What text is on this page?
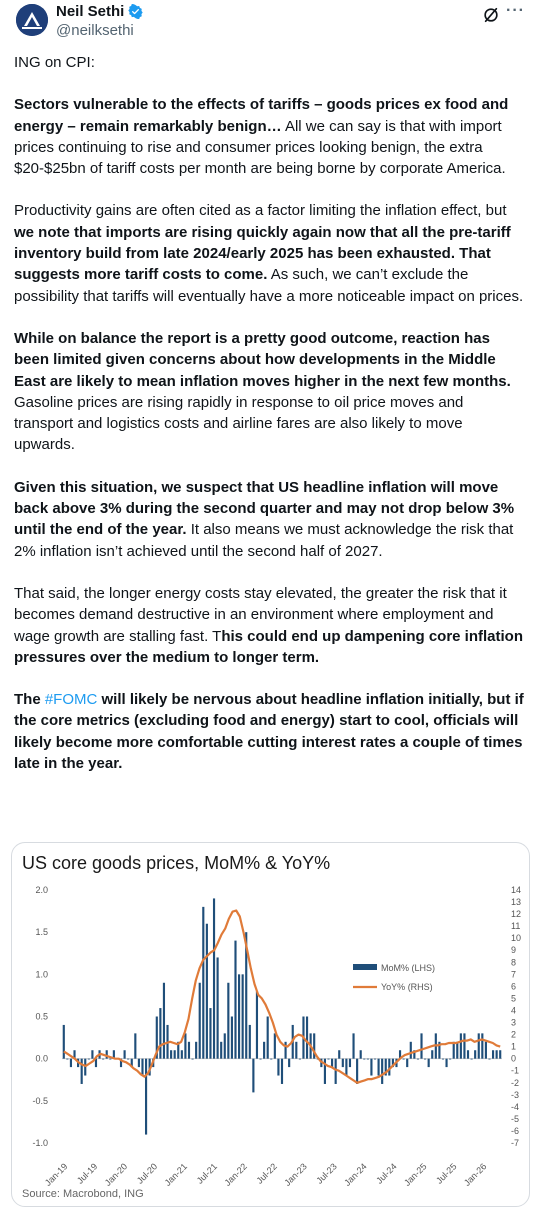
Neil Sethi
@neilksethi
···

ING on CPI:

Sectors vulnerable to the effects of tariffs – goods prices ex food and energy – remain remarkably benign… All we can say is that with import prices continuing to rise and consumer prices looking benign, the extra $20-$25bn of tariff costs per month are being borne by corporate America.

Productivity gains are often cited as a factor limiting the inflation effect, but we note that imports are rising quickly again now that all the pre-tariff inventory build from late 2024/early 2025 has been exhausted. That suggests more tariff costs to come. As such, we can’t exclude the possibility that tariffs will eventually have a more noticeable impact on prices.

While on balance the report is a pretty good outcome, reaction has been limited given concerns about how developments in the Middle East are likely to mean inflation moves higher in the next few months. Gasoline prices are rising rapidly in response to oil price moves and transport and logistics costs and airline fares are also likely to move upwards.

Given this situation, we suspect that US headline inflation will move back above 3% during the second quarter and may not drop below 3% until the end of the year. It also means we must acknowledge the risk that 2% inflation isn’t achieved until the second half of 2027.

That said, the longer energy costs stay elevated, the greater the risk that it becomes demand destructive in an environment where employment and wage growth are stalling fast. This could end up dampening core inflation pressures over the medium to longer term.

The #FOMC will likely be nervous about headline inflation initially, but if the core metrics (excluding food and energy) start to cool, officials will likely become more comfortable cutting interest rates a couple of times late in the year.

2.0
1.5
1.0
0.5
0.0
-0.5
-1.0
14
13
12
11
10
9
8
7
6
5
4
3
2
1
0
-1
-2
-3
-4
-5
-6
-7
Jan-19 Jul-19 Jan-20 Jul-20 Jan-21 Jul-21 Jan-22 Jul-22 Jan-23 Jul-23 Jan-24 Jul-24 Jan-25 Jul-25 Jan-26
MoM% (LHS)
YoY% (RHS)
US core goods prices, MoM% & YoY%
Source: Macrobond, ING
